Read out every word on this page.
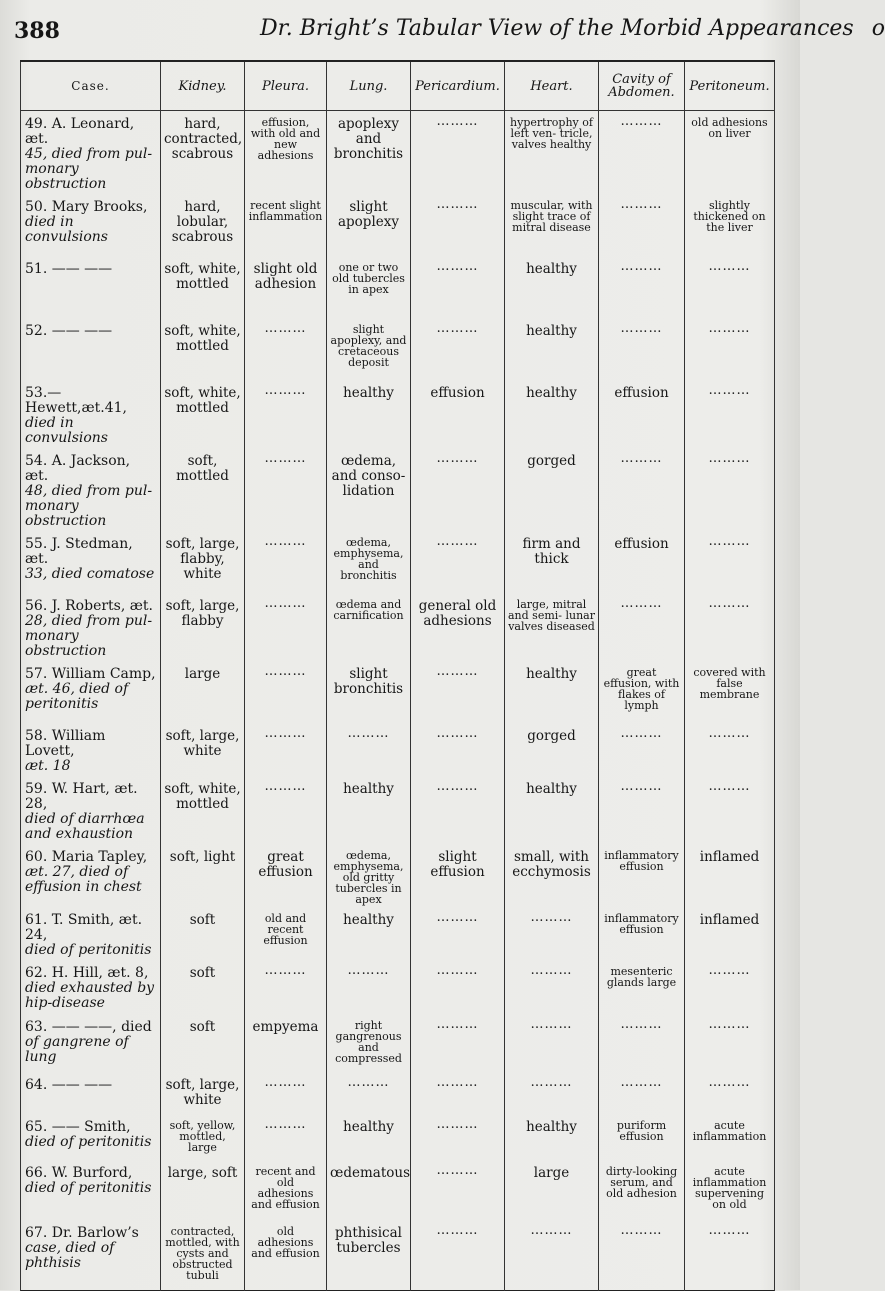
388	Dr. Bright’s Tabular View of the Morbid Appearances o
Case.	Kidney.	Pleura.	Lung.	Pericardium.	Heart.	Cavity of Abdomen.	Peritoneum.
49. A. Leonard, æt.
45, died from pul- monary obstruction	hard, contracted, scabrous	effusion, with old and new adhesions	apoplexy and bronchitis	………	hypertrophy of left ven- tricle, valves healthy	………	old adhesions on liver

50. Mary Brooks,
died in convulsions	hard, lobular, scabrous	recent slight inflammation	slight apoplexy	………	muscular, with slight trace of mitral disease	………	slightly thickened on the liver

51. —— ——	soft, white, mottled	slight old adhesion	one or two old tubercles in apex	………	healthy	………	………

52. —— ——	soft, white, mottled	………	slight apoplexy, and cretaceous deposit	………	healthy	………	………

53.— Hewett,æt.41,
died in convulsions	soft, white, mottled	………	healthy	effusion	healthy	effusion	………

54. A. Jackson, æt.
48, died from pul- monary obstruction	soft, mottled	………	œdema, and conso- lidation	………	gorged	………	………

55. J. Stedman, æt.
33, died comatose	soft, large, flabby, white	………	œdema, emphysema, and bronchitis	………	firm and thick	effusion	………

56. J. Roberts, æt.
28, died from pul- monary obstruction	soft, large, flabby	………	œdema and carnification	general old adhesions	large, mitral and semi- lunar valves diseased	………	………

57. William Camp,
æt. 46, died of peritonitis	large	………	slight bronchitis	………	healthy	great effusion, with flakes of lymph	covered with false membrane

58. William Lovett,
æt. 18	soft, large, white	………	………	………	gorged	………	………

59. W. Hart, æt. 28,
died of diarrhœa and exhaustion	soft, white, mottled	………	healthy	………	healthy	………	………

60. Maria Tapley,
æt. 27, died of effusion in chest	soft, light	great effusion	œdema, emphysema, old gritty tubercles in apex	slight effusion	small, with ecchymosis	inflammatory effusion	inflamed
61. T. Smith, æt. 24,
died of peritonitis	soft	old and recent effusion	healthy	………	………	inflammatory effusion	inflamed
62. H. Hill, æt. 8,
died exhausted by hip-disease	soft	………	………	………	………	mesenteric glands large	………

63. —— ——, died
of gangrene of lung	soft	empyema	right gangrenous and compressed	………	………	………	………

64. —— ——	soft, large, white	………	………	………	………	………	………

65. —— Smith,
died of peritonitis	soft, yellow, mottled, large	………	healthy	………	healthy	puriform effusion	acute inflammation

66. W. Burford,
died of peritonitis	large, soft	recent and old adhesions and effusion	œdematous	………	large	dirty-looking serum, and old adhesion	acute inflammation supervening on old

67. Dr. Barlow’s
case, died of phthisis	contracted, mottled, with cysts and obstructed tubuli	old adhesions and effusion	phthisical tubercles	………	………	………	………
